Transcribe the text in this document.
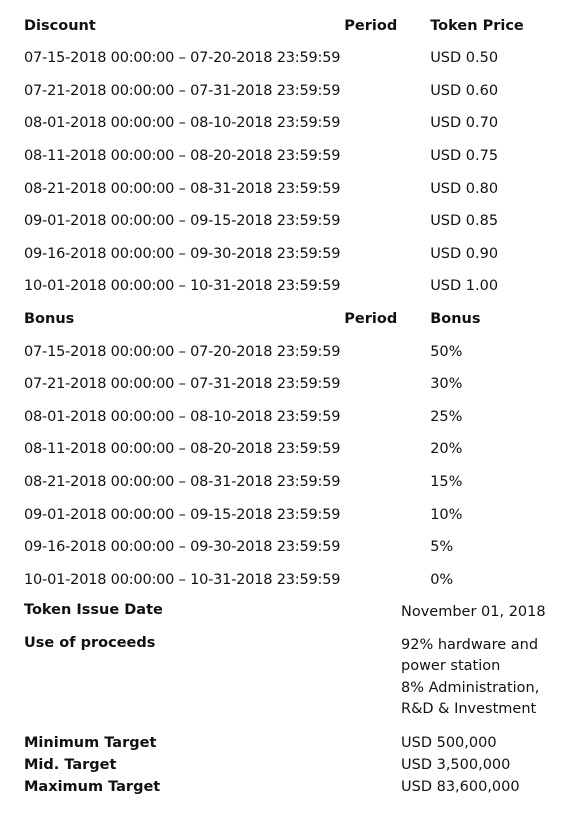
Discount	Period	Token Price
07-15-2018 00:00:00 – 07-20-2018 23:59:59		USD 0.50
07-21-2018 00:00:00 – 07-31-2018 23:59:59		USD 0.60
08-01-2018 00:00:00 – 08-10-2018 23:59:59		USD 0.70
08-11-2018 00:00:00 – 08-20-2018 23:59:59		USD 0.75
08-21-2018 00:00:00 – 08-31-2018 23:59:59		USD 0.80
09-01-2018 00:00:00 – 09-15-2018 23:59:59		USD 0.85
09-16-2018 00:00:00 – 09-30-2018 23:59:59		USD 0.90
10-01-2018 00:00:00 – 10-31-2018 23:59:59		USD 1.00
Bonus	Period	Bonus
07-15-2018 00:00:00 – 07-20-2018 23:59:59		50%
07-21-2018 00:00:00 – 07-31-2018 23:59:59		30%
08-01-2018 00:00:00 – 08-10-2018 23:59:59		25%
08-11-2018 00:00:00 – 08-20-2018 23:59:59		20%
08-21-2018 00:00:00 – 08-31-2018 23:59:59		15%
09-01-2018 00:00:00 – 09-15-2018 23:59:59		10%
09-16-2018 00:00:00 – 09-30-2018 23:59:59		5%
10-01-2018 00:00:00 – 10-31-2018 23:59:59		0%
Token Issue Date	November 01, 2018
Use of proceeds	92% hardware and power station
8% Administration, R&D & Investment
Minimum Target	USD 500,000
Mid. Target	USD 3,500,000
Maximum Target	USD 83,600,000
